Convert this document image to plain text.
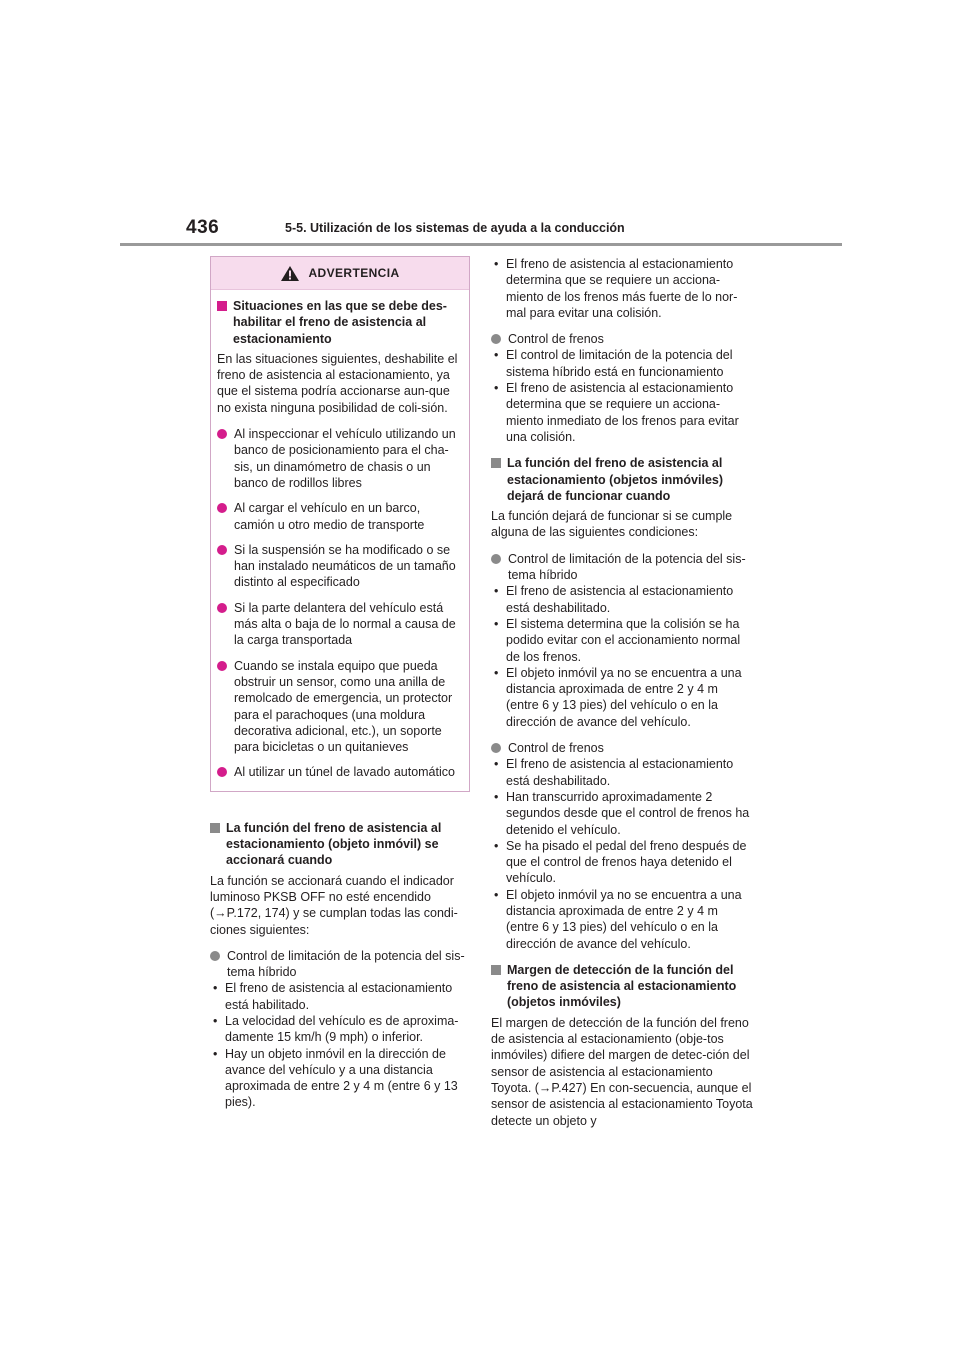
436	5-5. Utilización de los sistemas de ayuda a la conducción
ADVERTENCIA
Situaciones en las que se debe des-habilitar el freno de asistencia al estacionamiento

En las situaciones siguientes, deshabilite el freno de asistencia al estacionamiento, ya que el sistema podría accionarse aun-que no exista ninguna posibilidad de coli-sión.

Al inspeccionar el vehículo utilizando un banco de posicionamiento para el cha-sis, un dinamómetro de chasis o un banco de rodillos libres
Al cargar el vehículo en un barco, camión u otro medio de transporte
Si la suspensión se ha modificado o se han instalado neumáticos de un tamaño distinto al especificado
Si la parte delantera del vehículo está más alta o baja de lo normal a causa de la carga transportada
Cuando se instala equipo que pueda obstruir un sensor, como una anilla de remolcado de emergencia, un protector para el parachoques (una moldura decorativa adicional, etc.), un soporte para bicicletas o un quitanieves
Al utilizar un túnel de lavado automático
La función del freno de asistencia al estacionamiento (objeto inmóvil) se accionará cuando

La función se accionará cuando el indicador luminoso PKSB OFF no esté encendido (→P.172, 174) y se cumplan todas las condi-ciones siguientes:

Control de limitación de la potencia del sis-tema híbrido
• El freno de asistencia al estacionamiento está habilitado.
• La velocidad del vehículo es de aproxima-damente 15 km/h (9 mph) o inferior.
• Hay un objeto inmóvil en la dirección de avance del vehículo y a una distancia aproximada de entre 2 y 4 m (entre 6 y 13 pies).
• El freno de asistencia al estacionamiento determina que se requiere un acciona-miento de los frenos más fuerte de lo nor-mal para evitar una colisión.
Control de frenos
• El control de limitación de la potencia del sistema híbrido está en funcionamiento
• El freno de asistencia al estacionamiento determina que se requiere un acciona-miento inmediato de los frenos para evitar una colisión.
La función del freno de asistencia al estacionamiento (objetos inmóviles) dejará de funcionar cuando

La función dejará de funcionar si se cumple alguna de las siguientes condiciones:

Control de limitación de la potencia del sis-tema híbrido
• El freno de asistencia al estacionamiento está deshabilitado.
• El sistema determina que la colisión se ha podido evitar con el accionamiento normal de los frenos.
• El objeto inmóvil ya no se encuentra a una distancia aproximada de entre 2 y 4 m (entre 6 y 13 pies) del vehículo o en la dirección de avance del vehículo.
Control de frenos
• El freno de asistencia al estacionamiento está deshabilitado.
• Han transcurrido aproximadamente 2 segundos desde que el control de frenos ha detenido el vehículo.
• Se ha pisado el pedal del freno después de que el control de frenos haya detenido el vehículo.
• El objeto inmóvil ya no se encuentra a una distancia aproximada de entre 2 y 4 m (entre 6 y 13 pies) del vehículo o en la dirección de avance del vehículo.
Margen de detección de la función del freno de asistencia al estacionamiento (objetos inmóviles)

El margen de detección de la función del freno de asistencia al estacionamiento (obje-tos inmóviles) difiere del margen de detec-ción del sensor de asistencia al estacionamiento Toyota. (→P.427) En con-secuencia, aunque el sensor de asistencia al estacionamiento Toyota detecte un objeto y
